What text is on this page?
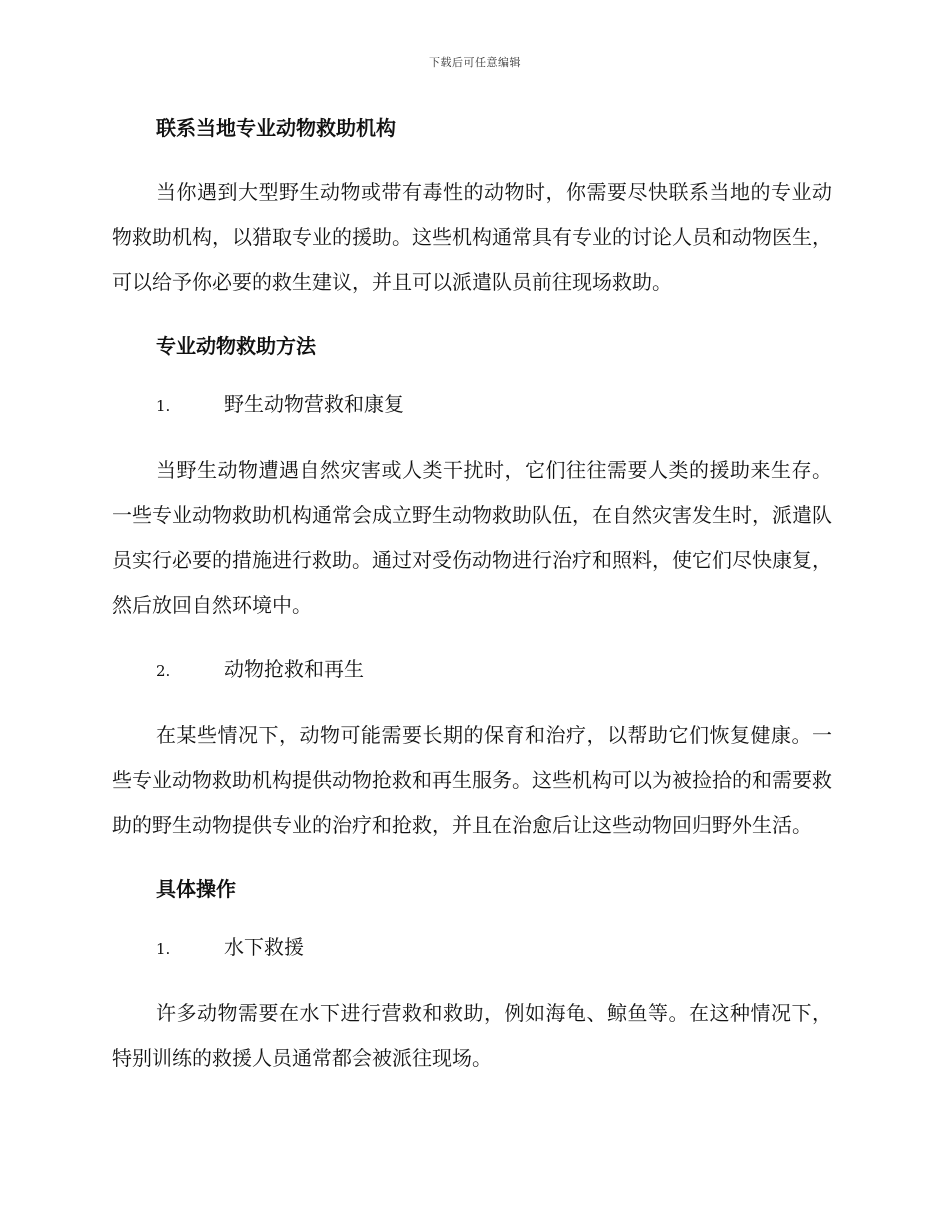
下载后可任意编辑
联系当地专业动物救助机构

当你遇到大型野生动物或带有毒性的动物时，你需要尽快联系当地的专业动物救助机构，以猎取专业的援助。这些机构通常具有专业的讨论人员和动物医生，可以给予你必要的救生建议，并且可以派遣队员前往现场救助。

专业动物救助方法
1.	野生动物营救和康复

当野生动物遭遇自然灾害或人类干扰时，它们往往需要人类的援助来生存。一些专业动物救助机构通常会成立野生动物救助队伍，在自然灾害发生时，派遣队员实行必要的措施进行救助。通过对受伤动物进行治疗和照料，使它们尽快康复，然后放回自然环境中。

2.	动物抢救和再生

在某些情况下，动物可能需要长期的保育和治疗，以帮助它们恢复健康。一些专业动物救助机构提供动物抢救和再生服务。这些机构可以为被捡拾的和需要救助的野生动物提供专业的治疗和抢救，并且在治愈后让这些动物回归野外生活。

具体操作
1.	水下救援

许多动物需要在水下进行营救和救助，例如海龟、鲸鱼等。在这种情况下，特别训练的救援人员通常都会被派往现场。
